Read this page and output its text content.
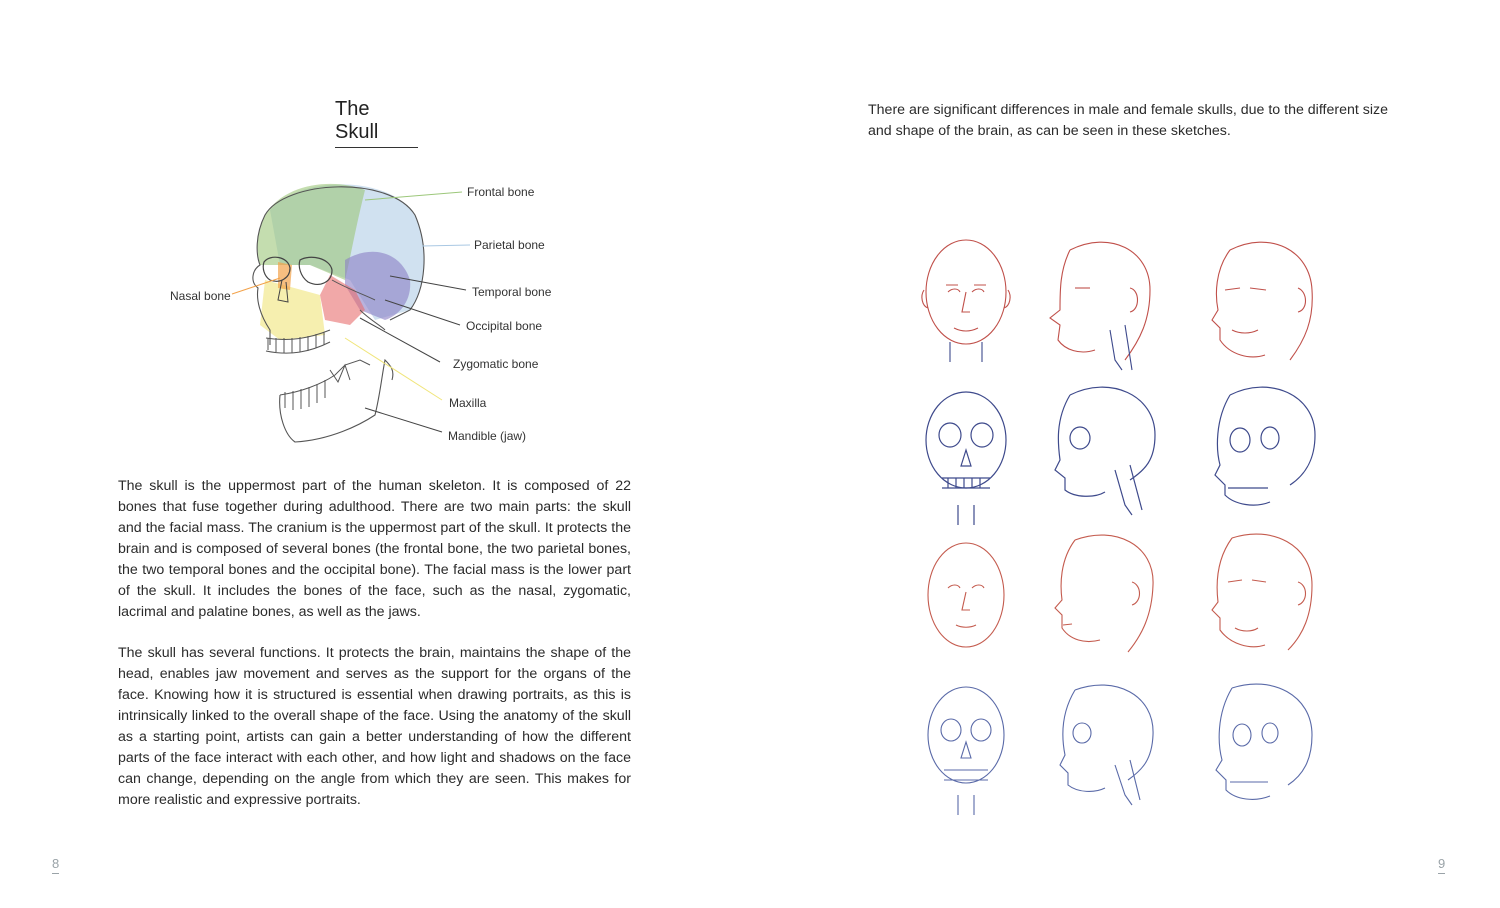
The Skull
Frontal bone
Parietal bone
Nasal bone	Temporal bone
Occipital bone
Zygomatic bone
Maxilla
Mandible (jaw)

The skull is the uppermost part of the human skeleton. It is composed of 22 bones that fuse together during adulthood. There are two main parts: the skull and the facial mass. The cranium is the uppermost part of the skull. It protects the brain and is composed of several bones (the frontal bone, the two parietal bones, the two temporal bones and the occipital bone). The facial mass is the lower part of the skull. It includes the bones of the face, such as the nasal, zygomatic, lacrimal and palatine bones, as well as the jaws.

The skull has several functions. It protects the brain, maintains the shape of the head, enables jaw movement and serves as the support for the organs of the face. Knowing how it is structured is essential when drawing portraits, as this is intrinsically linked to the overall shape of the face. Using the anatomy of the skull as a starting point, artists can gain a better understanding of how the different parts of the face interact with each other, and how light and shadows on the face can change, depending on the angle from which they are seen. This makes for more realistic and expressive portraits.

8

There are significant differences in male and female skulls, due to the different size and shape of the brain, as can be seen in these sketches.

9
